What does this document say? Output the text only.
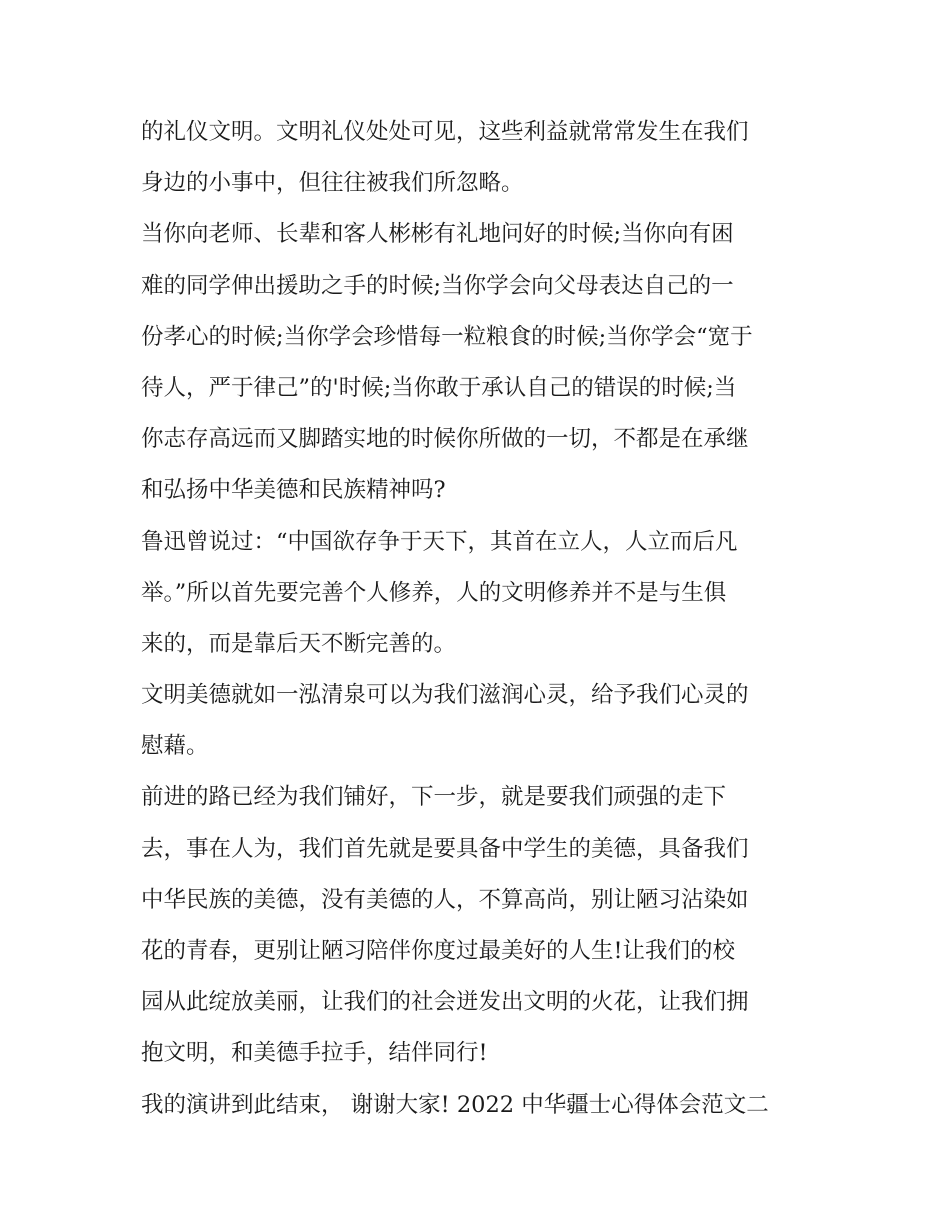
的礼仪文明。文明礼仪处处可见，这些利益就常常发生在我们
身边的小事中，但往往被我们所忽略。
当你向老师、长辈和客人彬彬有礼地问好的时候;当你向有困
难的同学伸出援助之手的时候;当你学会向父母表达自己的一
份孝心的时候;当你学会珍惜每一粒粮食的时候;当你学会“宽于
待人，严于律己”的'时候;当你敢于承认自己的错误的时候;当
你志存高远而又脚踏实地的时候你所做的一切，不都是在承继
和弘扬中华美德和民族精神吗?
鲁迅曾说过：“中国欲存争于天下，其首在立人，人立而后凡
举。”所以首先要完善个人修养，人的文明修养并不是与生俱
来的，而是靠后天不断完善的。
文明美德就如一泓清泉可以为我们滋润心灵，给予我们心灵的
慰藉。
前进的路已经为我们铺好，下一步，就是要我们顽强的走下
去，事在人为，我们首先就是要具备中学生的美德，具备我们
中华民族的美德，没有美德的人，不算高尚，别让陋习沾染如
花的青春，更别让陋习陪伴你度过最美好的人生!让我们的校
园从此绽放美丽，让我们的社会迸发出文明的火花，让我们拥
抱文明，和美德手拉手，结伴同行!
我的演讲到此结束， 谢谢大家! 2022 中华疆士心得体会范文二
